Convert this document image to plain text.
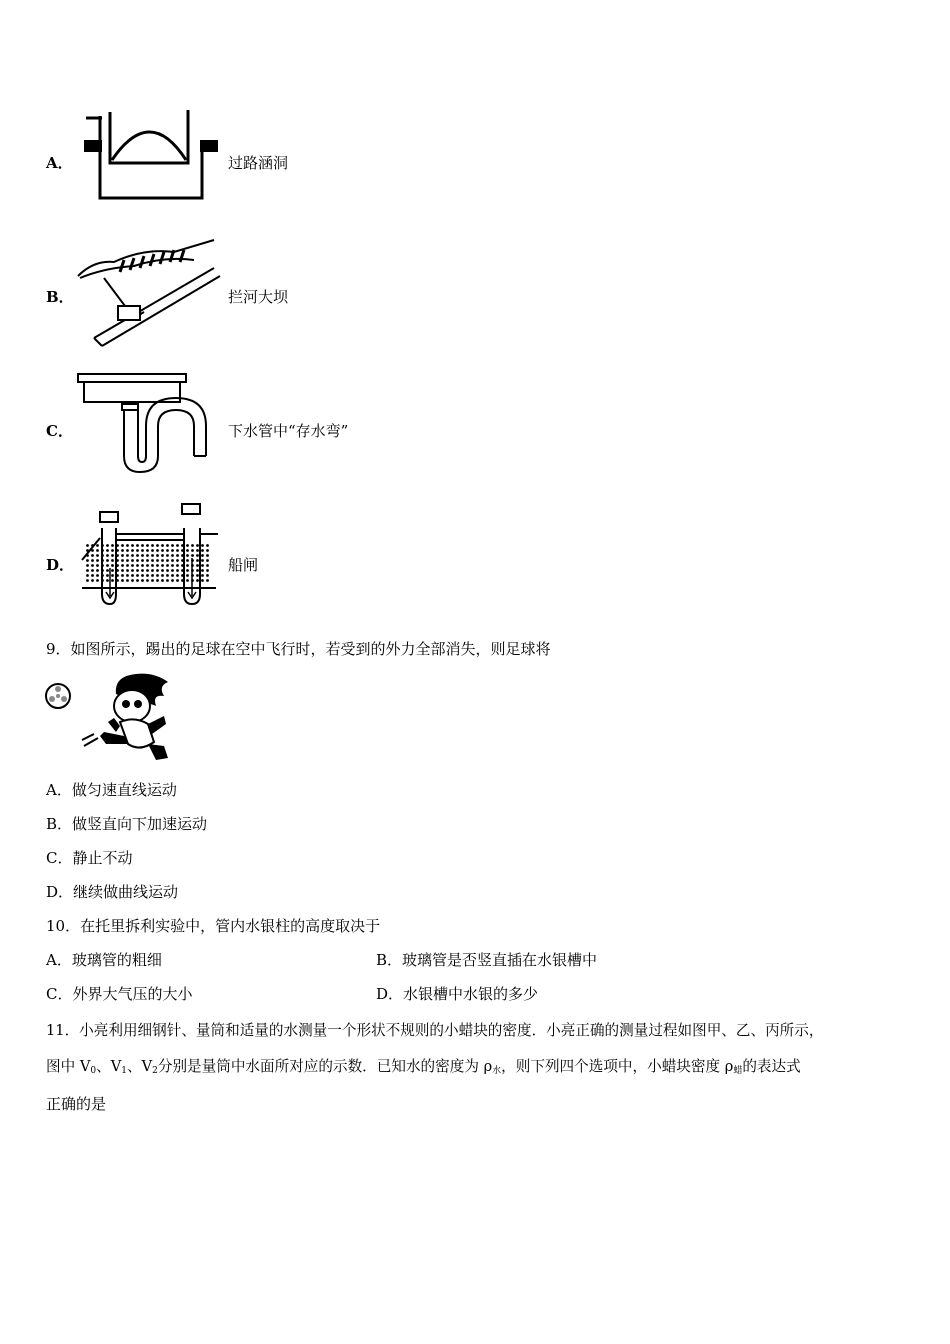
A．	过路涵洞
B．	拦河大坝
C．	下水管中“存水弯”
D．	船闸
9．如图所示，踢出的足球在空中飞行时，若受到的外力全部消失，则足球将
A．做匀速直线运动
B．做竖直向下加速运动
C．静止不动
D．继续做曲线运动
10．在托里拆利实验中，管内水银柱的高度取决于
A．玻璃管的粗细	B．玻璃管是否竖直插在水银槽中
C．外界大气压的大小	D．水银槽中水银的多少
11．小亮利用细钢针、量筒和适量的水测量一个形状不规则的小蜡块的密度．小亮正确的测量过程如图甲、乙、丙所示，
图中 $V_0$、$V_1$、$V_2$分别是量筒中水面所对应的示数．已知水的密度为 $\rho_水$，则下列四个选项中，小蜡块密度 $\rho_蜡$的表达式
正确的是
